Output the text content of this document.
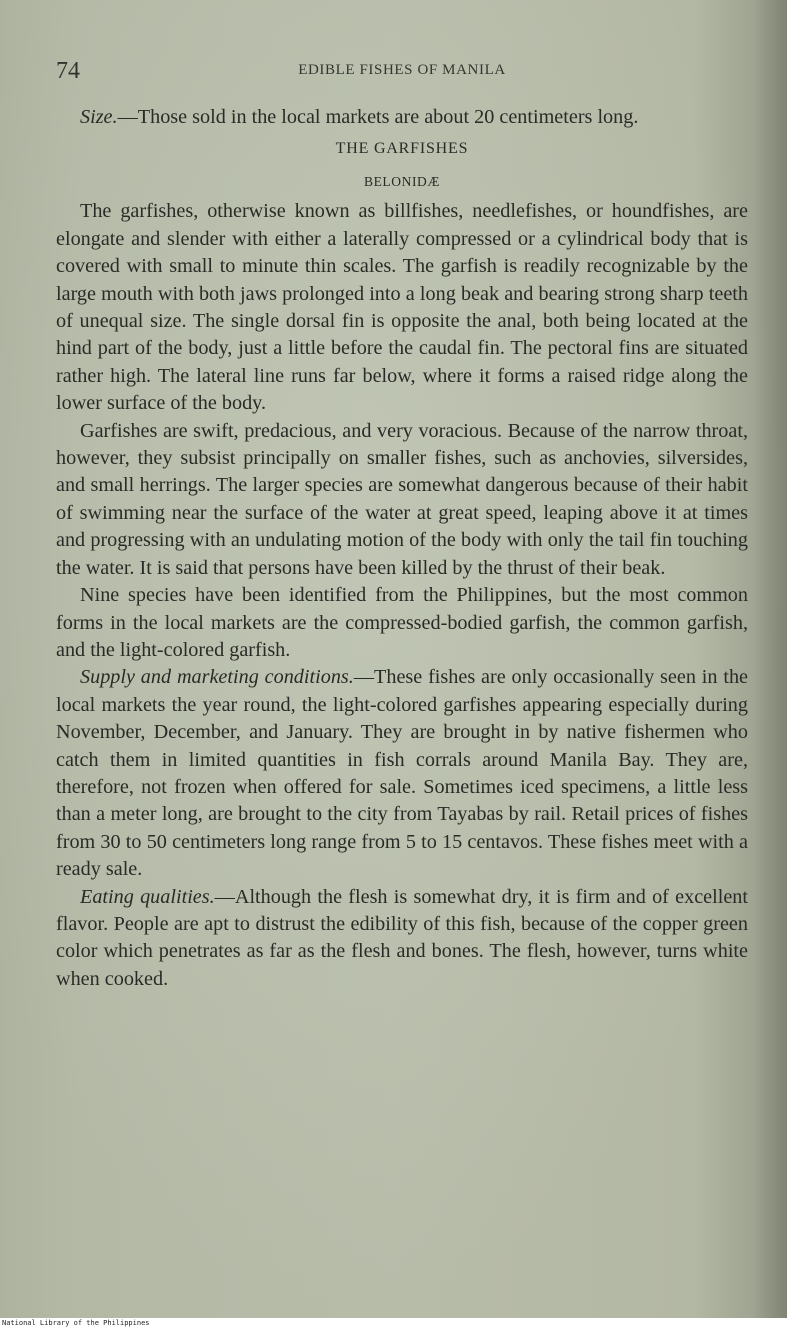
74	EDIBLE FISHES OF MANILA

Size.—Those sold in the local markets are about 20 centimeters long.

THE GARFISHES
BELONIDÆ

The garfishes, otherwise known as billfishes, needlefishes, or houndfishes, are elongate and slender with either a laterally compressed or a cylindrical body that is covered with small to minute thin scales. The garfish is readily recognizable by the large mouth with both jaws prolonged into a long beak and bearing strong sharp teeth of unequal size. The single dorsal fin is opposite the anal, both being located at the hind part of the body, just a little before the caudal fin. The pectoral fins are situated rather high. The lateral line runs far below, where it forms a raised ridge along the lower surface of the body.

Garfishes are swift, predacious, and very voracious. Because of the narrow throat, however, they subsist principally on smaller fishes, such as anchovies, silversides, and small herrings. The larger species are somewhat dangerous because of their habit of swimming near the surface of the water at great speed, leaping above it at times and progressing with an undulating motion of the body with only the tail fin touching the water. It is said that persons have been killed by the thrust of their beak.

Nine species have been identified from the Philippines, but the most common forms in the local markets are the compressed-bodied garfish, the common garfish, and the light-colored garfish.

Supply and marketing conditions.—These fishes are only occasionally seen in the local markets the year round, the light-colored garfishes appearing especially during November, December, and January. They are brought in by native fishermen who catch them in limited quantities in fish corrals around Manila Bay. They are, therefore, not frozen when offered for sale. Sometimes iced specimens, a little less than a meter long, are brought to the city from Tayabas by rail. Retail prices of fishes from 30 to 50 centimeters long range from 5 to 15 centavos. These fishes meet with a ready sale.

Eating qualities.—Although the flesh is somewhat dry, it is firm and of excellent flavor. People are apt to distrust the edibility of this fish, because of the copper green color which penetrates as far as the flesh and bones. The flesh, however, turns white when cooked.

National Library of the Philippines
